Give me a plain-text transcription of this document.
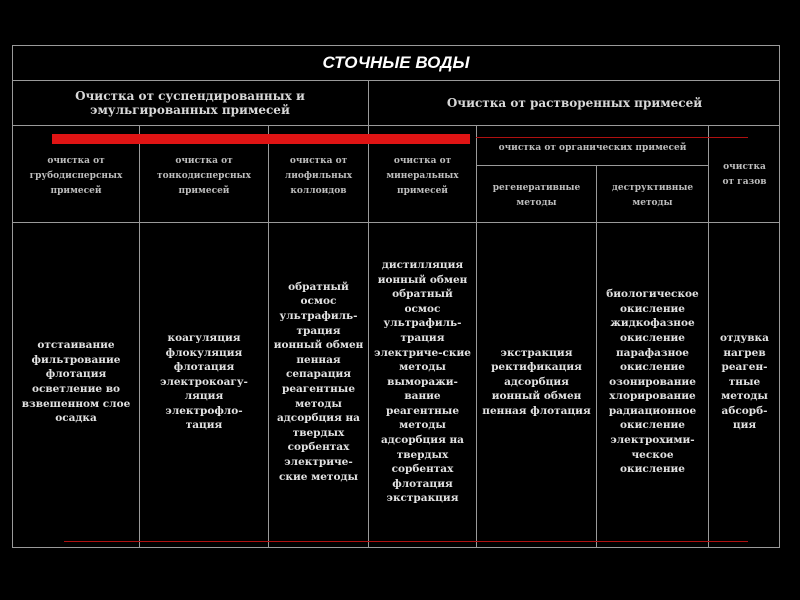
СТОЧНЫЕ ВОДЫ
Очистка от суспендированных и эмульгированных примесей	Очистка от растворенных примесей
очистка от грубодисперсных примесей
очистка от тонкодисперсных примесей
очистка от лиофильных коллоидов
очистка от минеральных примесей
очистка от органических примесей
регенеративные методы
деструктивные методы
очистка от газов
отстаивание фильтрование флотация осветление во взвешенном слое осадка
коагуляция флокуляция флотация электрокоагу-ляция электрофло-тация
обратный осмос ультрафиль-трация ионный обмен пенная сепарация реагентные методы адсорбция на твердых сорбентах электриче-ские методы
дистилляция ионный обмен обратный осмос ультрафиль-трация электриче-ские методы выморажи-вание реагентные методы адсорбция на твердых сорбентах флотация экстракция
экстракция ректификация адсорбция ионный обмен пенная флотация
биологическое окисление жидкофазное окисление парафазное окисление озонирование хлорирование радиационное окисление электрохими-ческое окисление
отдувка нагрев реаген-тные методы абсорб-ция
